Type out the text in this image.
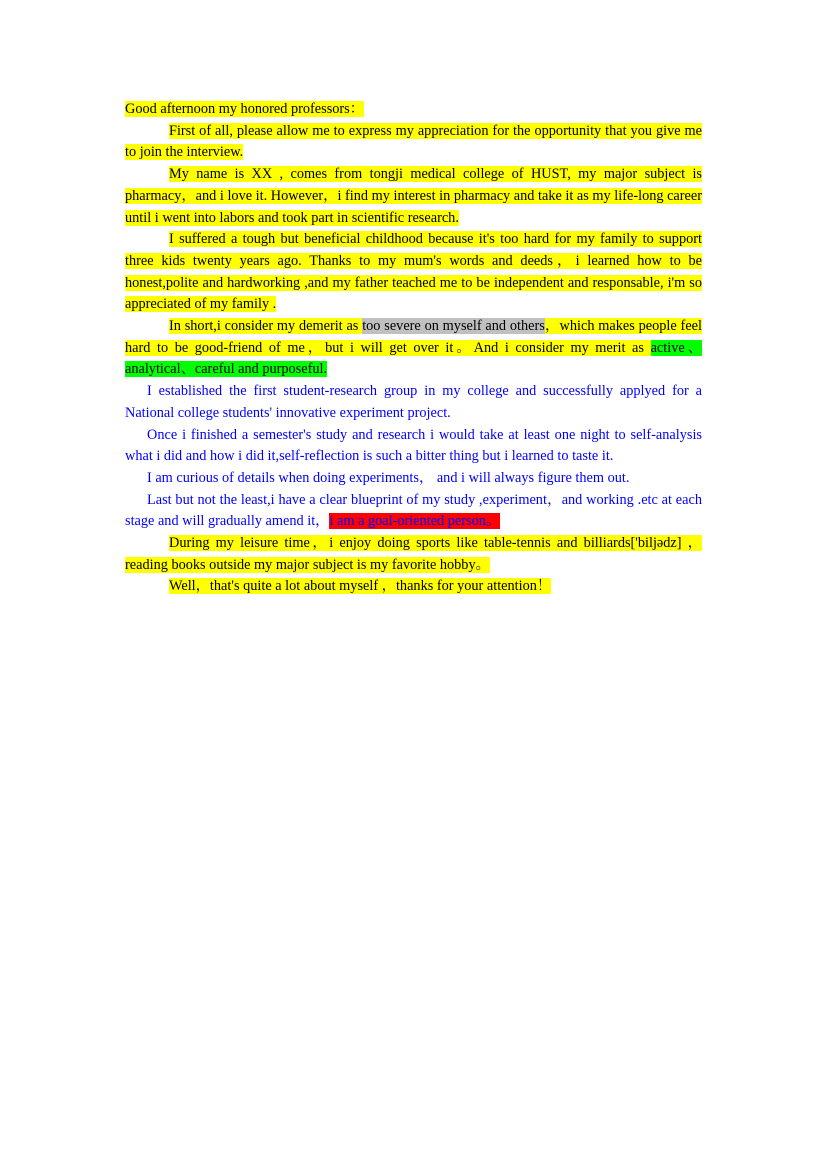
Good afternoon my honored professors：

First of all, please allow me to express my appreciation for the opportunity that you give me to join the interview.

My name is XX , comes from tongji medical college of HUST, my major subject is pharmacy，and i love it. However，i find my interest in pharmacy and take it as my life-long career until i went into labors and took part in scientific research.

I suffered a tough but beneficial childhood because it's too hard for my family to support three kids twenty years ago. Thanks to my mum's words and deeds，i learned how to be honest,polite and hardworking ,and my father teached me to be independent and responsable, i'm so appreciated of my family .

In short,i consider my demerit as too severe on myself and others，which makes people feel hard to be good-friend of me，but i will get over it。And i consider my merit as active、analytical、careful and purposeful.

I established the first student-research group in my college and successfully applyed for a National college students' innovative experiment project.

Once i finished a semester's study and research i would take at least one night to self-analysis what i did and how i did it,self-reflection is such a bitter thing but i learned to taste it.

I am curious of details when doing experiments， and i will always figure them out.

Last but not the least,i have a clear blueprint of my study ,experiment，and working .etc at each stage and will gradually amend it，i am a goal-oriented person。

During my leisure time，i enjoy doing sports like table-tennis and billiards['biljədz] ，reading books outside my major subject is my favorite hobby。

Well，that's quite a lot about myself ，thanks for your attention！
